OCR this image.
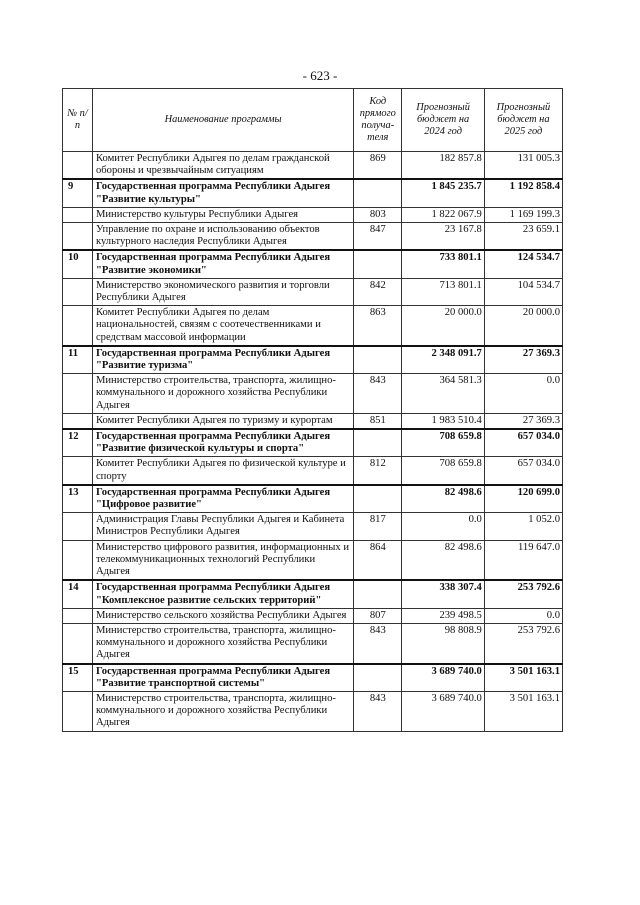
- 623 -
№ п/п	Наименование программы	Код прямого получа-теля	Прогнозный бюджет на 2024 год	Прогнозный бюджет на 2025 год
	Комитет Республики Адыгея по делам гражданской обороны и чрезвычайным ситуациям	869	182 857.8	131 005.3
9	Государственная программа Республики Адыгея "Развитие культуры"		1 845 235.7	1 192 858.4
	Министерство культуры Республики Адыгея	803	1 822 067.9	1 169 199.3
	Управление по охране и использованию объектов культурного наследия Республики Адыгея	847	23 167.8	23 659.1
10	Государственная программа Республики Адыгея "Развитие экономики"		733 801.1	124 534.7
	Министерство экономического развития и торговли Республики Адыгея	842	713 801.1	104 534.7
	Комитет Республики Адыгея по делам национальностей, связям с соотечественниками и средствам массовой информации	863	20 000.0	20 000.0
11	Государственная программа Республики Адыгея "Развитие туризма"		2 348 091.7	27 369.3
	Министерство строительства, транспорта, жилищно-коммунального и дорожного хозяйства Республики Адыгея	843	364 581.3	0.0
	Комитет Республики Адыгея по туризму и курортам	851	1 983 510.4	27 369.3
12	Государственная программа Республики Адыгея "Развитие физической культуры и спорта"		708 659.8	657 034.0
	Комитет Республики Адыгея по физической культуре и спорту	812	708 659.8	657 034.0
13	Государственная программа Республики Адыгея "Цифровое развитие"		82 498.6	120 699.0
	Администрация Главы Республики Адыгея и Кабинета Министров Республики Адыгея	817	0.0	1 052.0
	Министерство цифрового развития, информационных и телекоммуникационных технологий Республики Адыгея	864	82 498.6	119 647.0
14	Государственная программа Республики Адыгея "Комплексное развитие сельских территорий"		338 307.4	253 792.6
	Министерство сельского хозяйства Республики Адыгея	807	239 498.5	0.0
	Министерство строительства, транспорта, жилищно-коммунального и дорожного хозяйства Республики Адыгея	843	98 808.9	253 792.6
15	Государственная программа Республики Адыгея "Развитие транспортной системы"		3 689 740.0	3 501 163.1
	Министерство строительства, транспорта, жилищно-коммунального и дорожного хозяйства Республики Адыгея	843	3 689 740.0	3 501 163.1
